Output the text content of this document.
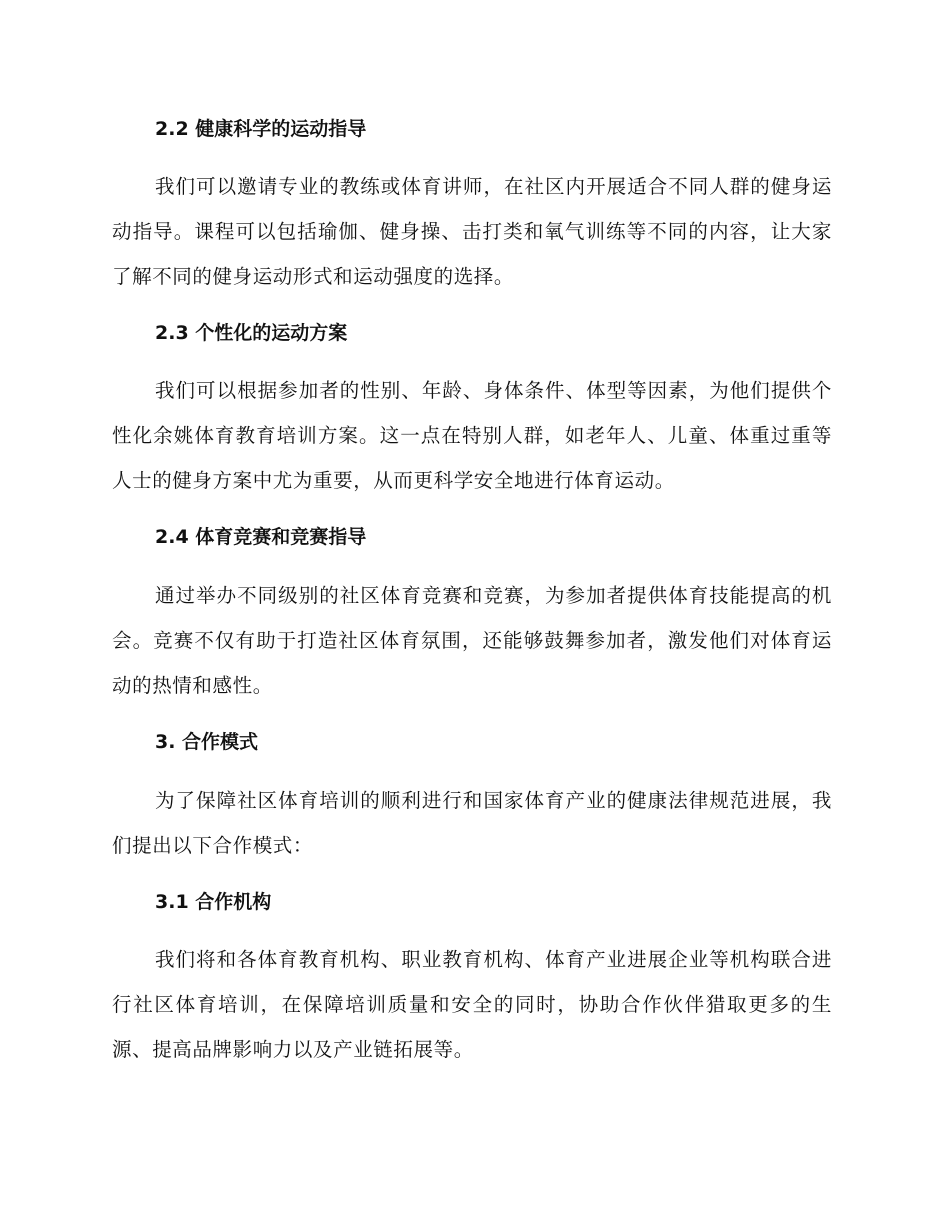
2.2 健康科学的运动指导
我们可以邀请专业的教练或体育讲师，在社区内开展适合不同人群的健身运动指导。课程可以包括瑜伽、健身操、击打类和氧气训练等不同的内容，让大家了解不同的健身运动形式和运动强度的选择。
2.3 个性化的运动方案
我们可以根据参加者的性别、年龄、身体条件、体型等因素，为他们提供个性化余姚体育教育培训方案。这一点在特别人群，如老年人、儿童、体重过重等人士的健身方案中尤为重要，从而更科学安全地进行体育运动。
2.4 体育竞赛和竞赛指导
通过举办不同级别的社区体育竞赛和竞赛，为参加者提供体育技能提高的机会。竞赛不仅有助于打造社区体育氛围，还能够鼓舞参加者，激发他们对体育运动的热情和感性。
3. 合作模式
为了保障社区体育培训的顺利进行和国家体育产业的健康法律规范进展，我们提出以下合作模式：
3.1 合作机构
我们将和各体育教育机构、职业教育机构、体育产业进展企业等机构联合进行社区体育培训，在保障培训质量和安全的同时，协助合作伙伴猎取更多的生源、提高品牌影响力以及产业链拓展等。
